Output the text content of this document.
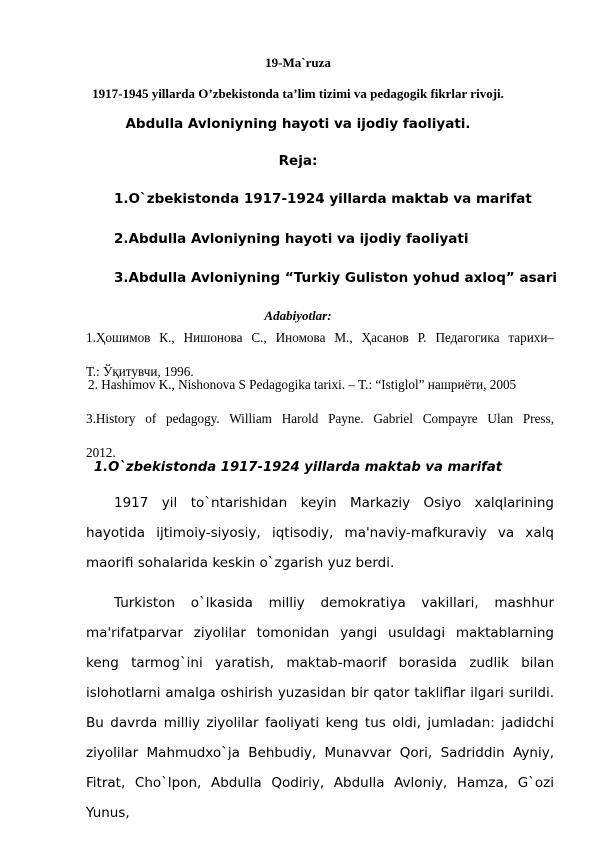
19-Ma`ruza
1917-1945 yillarda O’zbekistonda ta’lim tizimi va pedagogik fikrlar rivoji.
Abdulla Avloniyning hayoti va ijodiy faoliyati.
Reja:
1.O`zbekistonda 1917-1924 yillarda maktab va marifat
2.Abdulla Avloniyning hayoti va ijodiy faoliyati
3.Abdulla Avloniyning “Turkiy Guliston yohud axloq” asari
Adabiyotlar:
1.Ҳошимов К., Нишонова С., Иномова М., Ҳасанов Р. Педагогика тарихи–
Т.: Ўқитувчи, 1996.
2. Hashimov K., Nishonova S Pedagogika tarixi. – T.: “Istiglol” нашриёти, 2005
3.History of pedagogy. William Harold Payne. Gabriel Compayre Ulan Press,
2012.
1.O`zbekistonda 1917-1924 yillarda maktab va marifat

1917 yil to`ntarishidan keyin Markaziy Osiyo xalqlarining hayotida ijtimoiy-siyosiy, iqtisodiy, ma'naviy-mafkuraviy va xalq maorifi sohalarida keskin o`zgarish yuz berdi.

Turkiston o`lkasida milliy demokratiya vakillari, mashhur ma'rifatparvar ziyolilar tomonidan yangi usuldagi maktablarning keng tarmog`ini yaratish, maktab-maorif borasida zudlik bilan islohotlarni amalga oshirish yuzasidan bir qator takliflar ilgari surildi. Bu davrda milliy ziyolilar faoliyati keng tus oldi, jumladan: jadidchi ziyolilar Mahmudxo`ja Behbudiy, Munavvar Qori, Sadriddin Ayniy, Fitrat, Cho`lpon, Abdulla Qodiriy, Abdulla Avloniy, Hamza, G`ozi Yunus,
